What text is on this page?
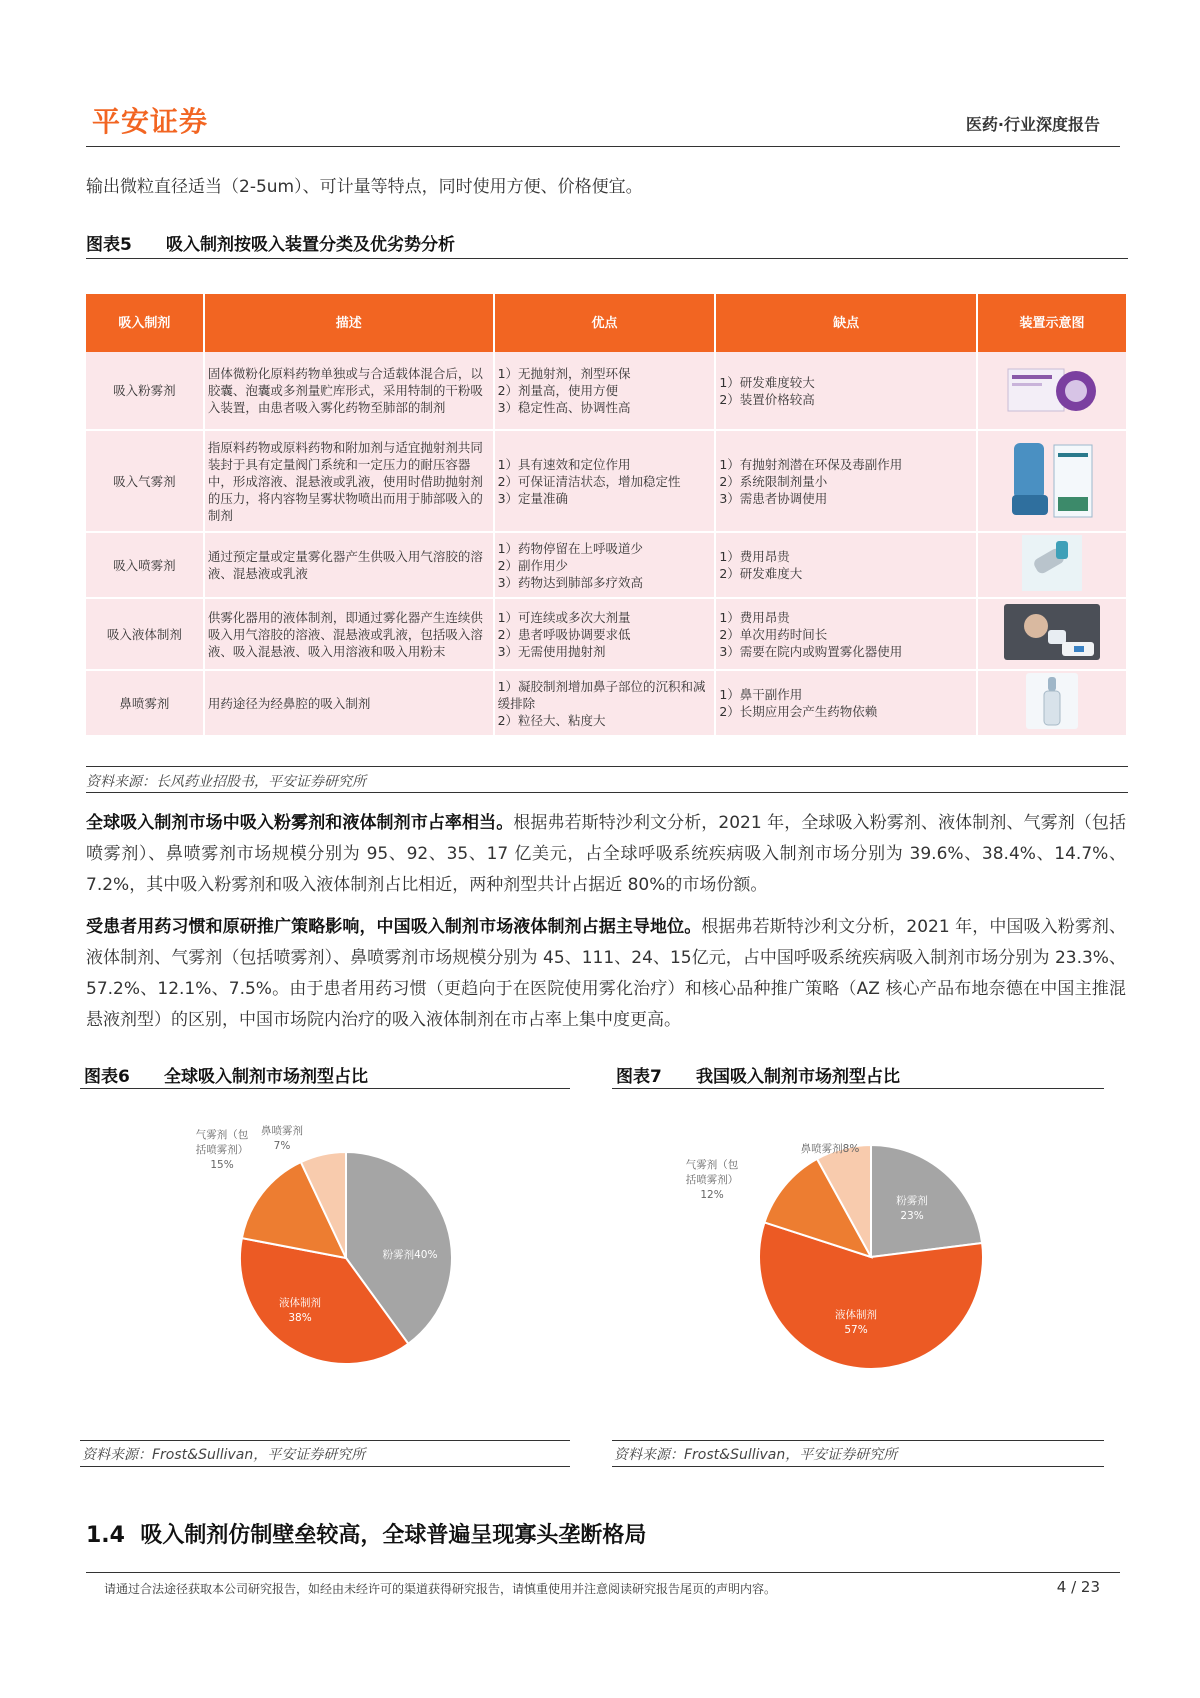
平安证券	医药·行业深度报告
输出微粒直径适当（2-5um）、可计量等特点，同时使用方便、价格便宜。
图表5 吸入制剂按吸入装置分类及优劣势分析
吸入制剂	描述	优点	缺点	装置示意图
吸入粉雾剂	固体微粉化原料药物单独或与合适载体混合后，以胶囊、泡囊或多剂量贮库形式，采用特制的干粉吸入装置，由患者吸入雾化药物至肺部的制剂	1）无抛射剂，剂型环保
2）剂量高，使用方便
3）稳定性高、协调性高	1）研发难度较大
2）装置价格较高	
吸入气雾剂	指原料药物或原料药物和附加剂与适宜抛射剂共同装封于具有定量阀门系统和一定压力的耐压容器中，形成溶液、混悬液或乳液，使用时借助抛射剂的压力，将内容物呈雾状物喷出而用于肺部吸入的制剂	1）具有速效和定位作用
2）可保证清洁状态，增加稳定性
3）定量准确	1）有抛射剂潜在环保及毒副作用
2）系统限制剂量小
3）需患者协调使用	
吸入喷雾剂	通过预定量或定量雾化器产生供吸入用气溶胶的溶液、混悬液或乳液	1）药物停留在上呼吸道少
2）副作用少
3）药物达到肺部多疗效高	1）费用昂贵
2）研发难度大	
吸入液体制剂	供雾化器用的液体制剂，即通过雾化器产生连续供吸入用气溶胶的溶液、混悬液或乳液，包括吸入溶液、吸入混悬液、吸入用溶液和吸入用粉末	1）可连续或多次大剂量
2）患者呼吸协调要求低
3）无需使用抛射剂	1）费用昂贵
2）单次用药时间长
3）需要在院内或购置雾化器使用	
鼻喷雾剂	用药途径为经鼻腔的吸入制剂	1）凝胶制剂增加鼻子部位的沉积和减缓排除
2）粒径大、粘度大	1）鼻干副作用
2）长期应用会产生药物依赖	
资料来源：长风药业招股书，平安证券研究所
全球吸入制剂市场中吸入粉雾剂和液体制剂市占率相当。根据弗若斯特沙利文分析，2021 年，全球吸入粉雾剂、液体制剂、气雾剂（包括喷雾剂）、鼻喷雾剂市场规模分别为 95、92、35、17 亿美元，占全球呼吸系统疾病吸入制剂市场分别为 39.6%、38.4%、14.7%、7.2%，其中吸入粉雾剂和吸入液体制剂占比相近，两种剂型共计占据近 80%的市场份额。
受患者用药习惯和原研推广策略影响，中国吸入制剂市场液体制剂占据主导地位。根据弗若斯特沙利文分析，2021 年，中国吸入粉雾剂、液体制剂、气雾剂（包括喷雾剂）、鼻喷雾剂市场规模分别为 45、111、24、15亿元，占中国呼吸系统疾病吸入制剂市场分别为 23.3%、57.2%、12.1%、7.5%。由于患者用药习惯（更趋向于在医院使用雾化治疗）和核心品种推广策略（AZ 核心产品布地奈德在中国主推混悬液剂型）的区别，中国市场院内治疗的吸入液体制剂在市占率上集中度更高。
图表6 全球吸入制剂市场剂型占比
粉雾剂40%
液体制剂 38%
气雾剂（包括喷雾剂） 15%
鼻喷雾剂 7%
资料来源：Frost&Sullivan，平安证券研究所
图表7 我国吸入制剂市场剂型占比
粉雾剂 23%
液体制剂 57%
气雾剂（包括喷雾剂） 12%
鼻喷雾剂8%
资料来源：Frost&Sullivan，平安证券研究所
1.4 吸入制剂仿制壁垒较高，全球普遍呈现寡头垄断格局
请通过合法途径获取本公司研究报告，如经由未经许可的渠道获得研究报告，请慎重使用并注意阅读研究报告尾页的声明内容。	4 / 23
